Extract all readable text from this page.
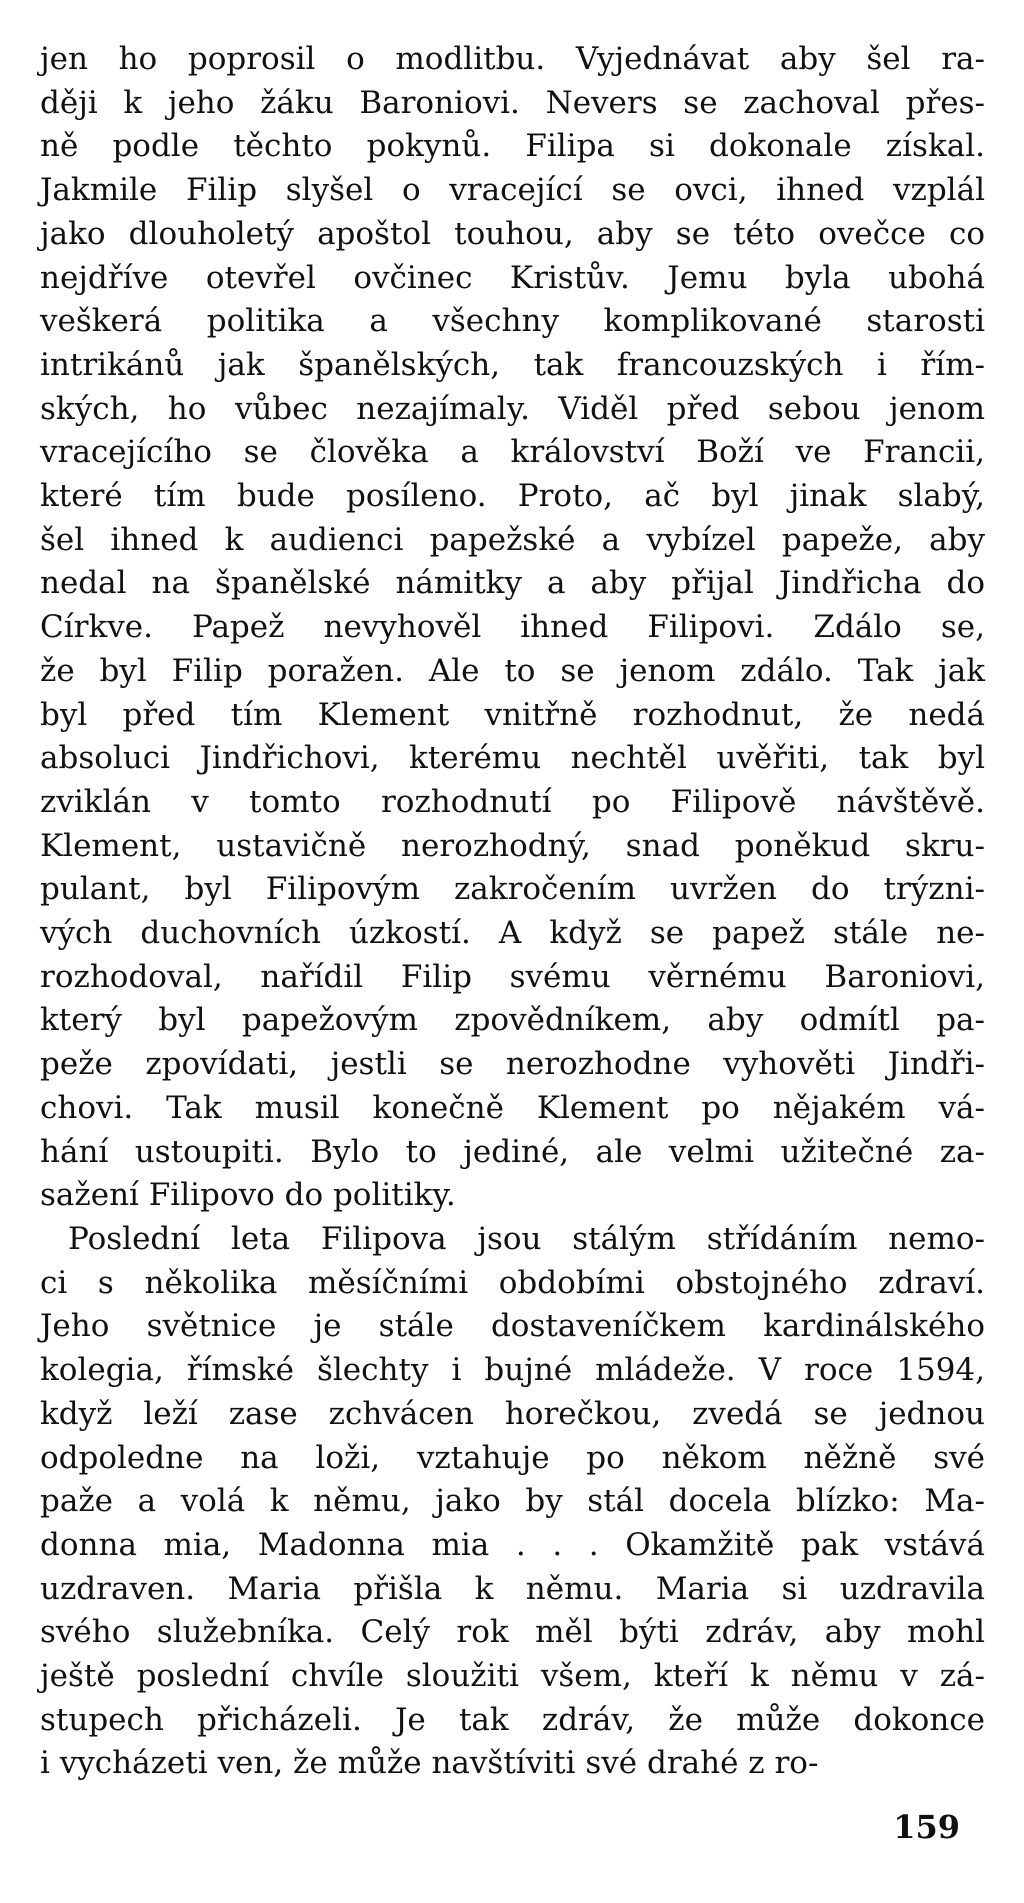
jen ho poprosil o modlitbu. Vyjednávat aby šel ra-
ději k jeho žáku Baroniovi. Nevers se zachoval přes-
ně podle těchto pokynů. Filipa si dokonale získal.
Jakmile Filip slyšel o vracející se ovci, ihned vzplál
jako dlouholetý apoštol touhou, aby se této ovečce co
nejdříve otevřel ovčinec Kristův. Jemu byla ubohá
veškerá politika a všechny komplikované starosti
intrikánů jak španělských, tak francouzských i řím-
ských, ho vůbec nezajímaly. Viděl před sebou jenom
vracejícího se člověka a království Boží ve Francii,
které tím bude posíleno. Proto, ač byl jinak slabý,
šel ihned k audienci papežské a vybízel papeže, aby
nedal na španělské námitky a aby přijal Jindřicha do
Církve. Papež nevyhověl ihned Filipovi. Zdálo se,
že byl Filip poražen. Ale to se jenom zdálo. Tak jak
byl před tím Klement vnitřně rozhodnut, že nedá
absoluci Jindřichovi, kterému nechtěl uvěřiti, tak byl
zviklán v tomto rozhodnutí po Filipově návštěvě.
Klement, ustavičně nerozhodný, snad poněkud skru-
pulant, byl Filipovým zakročením uvržen do trýzni-
vých duchovních úzkostí. A když se papež stále ne-
rozhodoval, nařídil Filip svému věrnému Baroniovi,
který byl papežovým zpovědníkem, aby odmítl pa-
peže zpovídati, jestli se nerozhodne vyhověti Jindři-
chovi. Tak musil konečně Klement po nějakém vá-
hání ustoupiti. Bylo to jediné, ale velmi užitečné za-
sažení Filipovo do politiky.
Poslední leta Filipova jsou stálým střídáním nemo-
ci s několika měsíčními obdobími obstojného zdraví.
Jeho světnice je stále dostaveníčkem kardinálského
kolegia, římské šlechty i bujné mládeže. V roce 1594,
když leží zase zchvácen horečkou, zvedá se jednou
odpoledne na loži, vztahuje po někom něžně své
paže a volá k němu, jako by stál docela blízko: Ma-
donna mia, Madonna mia . . . Okamžitě pak vstává
uzdraven. Maria přišla k němu. Maria si uzdravila
svého služebníka. Celý rok měl býti zdráv, aby mohl
ještě poslední chvíle sloužiti všem, kteří k němu v zá-
stupech přicházeli. Je tak zdráv, že může dokonce
i vycházeti ven, že může navštíviti své drahé z ro-
159
